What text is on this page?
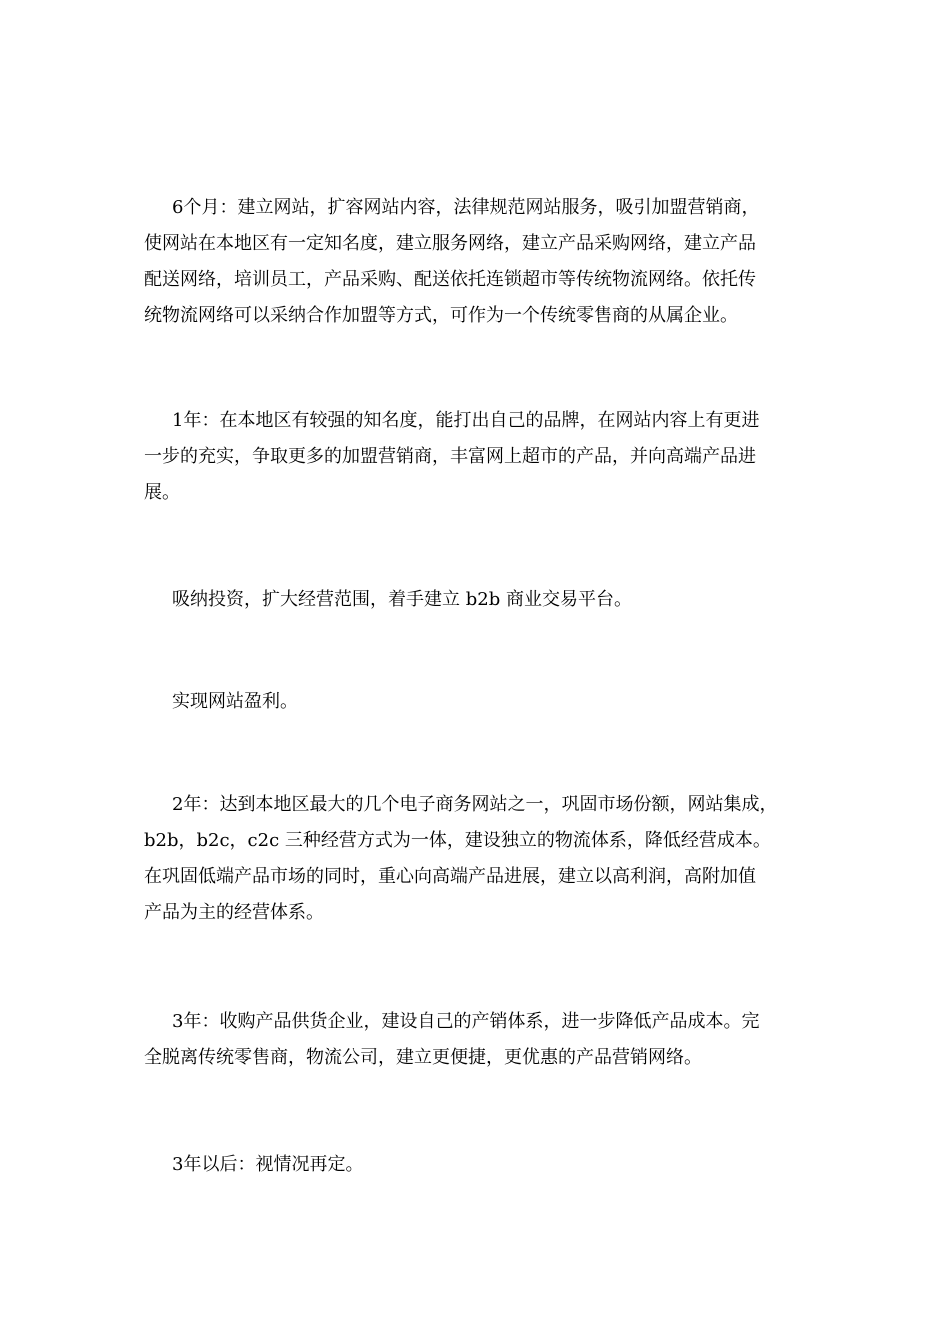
6个月：建立网站，扩容网站内容，法律规范网站服务，吸引加盟营销商，
使网站在本地区有一定知名度，建立服务网络，建立产品采购网络，建立产品
配送网络，培训员工，产品采购、配送依托连锁超市等传统物流网络。依托传
统物流网络可以采纳合作加盟等方式，可作为一个传统零售商的从属企业。
1年：在本地区有较强的知名度，能打出自己的品牌，在网站内容上有更进
一步的充实，争取更多的加盟营销商，丰富网上超市的产品，并向高端产品进
展。
吸纳投资，扩大经营范围，着手建立 b2b 商业交易平台。
实现网站盈利。
2年：达到本地区最大的几个电子商务网站之一，巩固市场份额，网站集成，
b2b，b2c，c2c 三种经营方式为一体，建设独立的物流体系，降低经营成本。
在巩固低端产品市场的同时，重心向高端产品进展，建立以高利润，高附加值
产品为主的经营体系。
3年：收购产品供货企业，建设自己的产销体系，进一步降低产品成本。完
全脱离传统零售商，物流公司，建立更便捷，更优惠的产品营销网络。
3年以后：视情况再定。
